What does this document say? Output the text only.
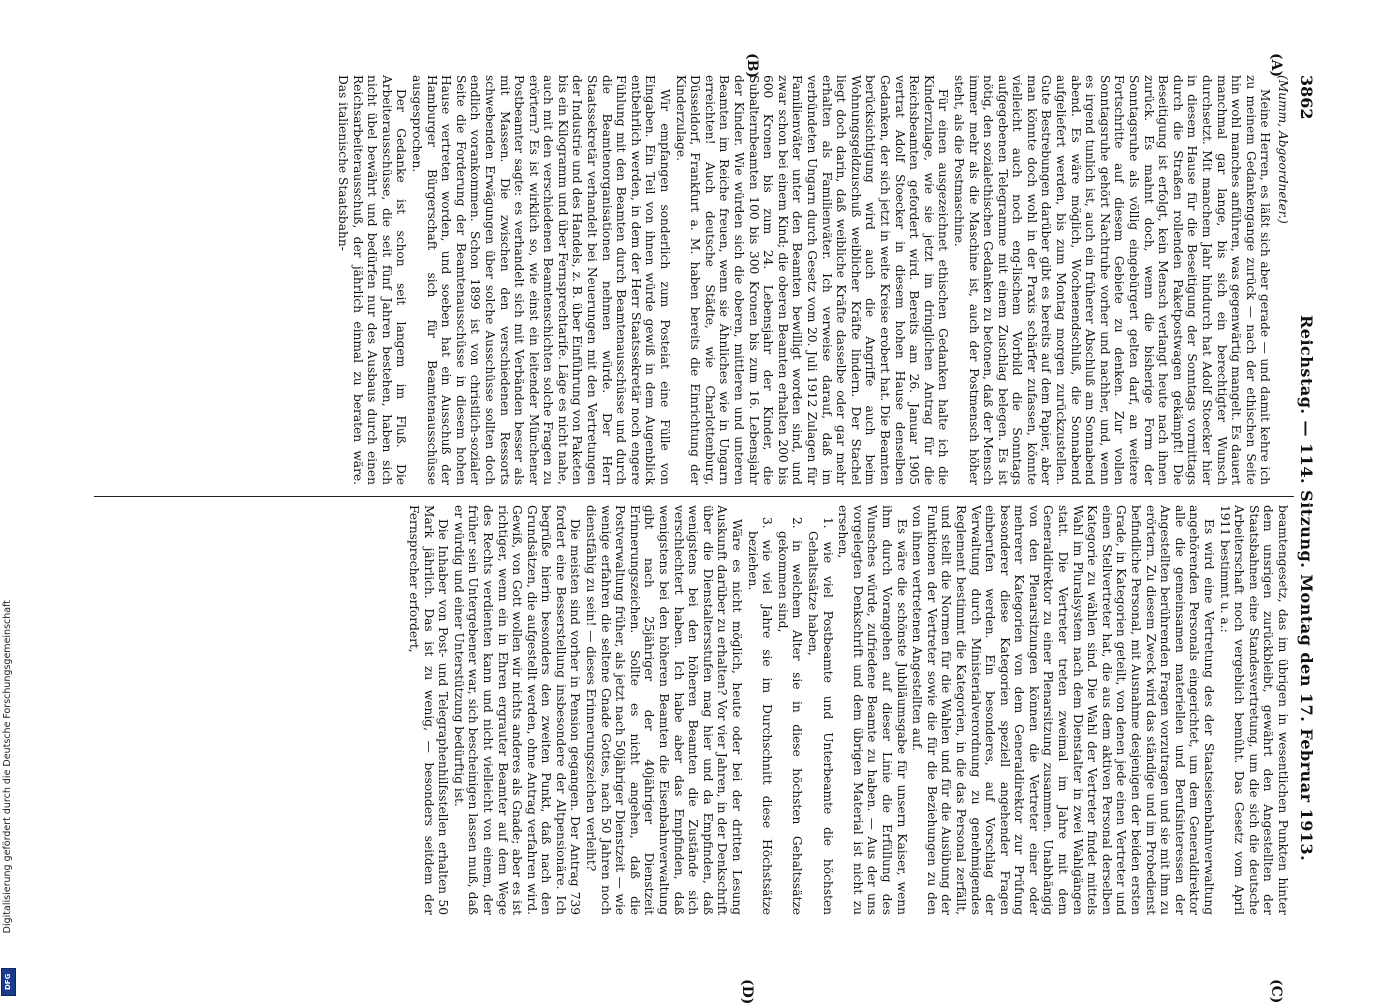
3862
Reichstag. — 114. Sitzung. Montag den 17. Februar 1913.
(A)
(B)
(C)
(D)

(Mumm, Abgeordneter.)

Meine Herren, es läßt sich aber gerade — und damit kehre ich zu meinem Gedankengange zurück — nach der ethischen Seite hin wohl manches anführen, was gegenwärtig mangelt. Es dauert manchmal gar lange, bis sich ein berechtigter Wunsch durchsetzt. Mit manchem Jahr hindurch hat Adolf Stoecker hier in diesem Hause für die Beseitigung der Sonntags vormittags durch die Straßen rollenden Paketpostwagen gekämpft! Die Beseitigung ist erfolgt, kein Mensch verlangt heute nach ihnen zurück. Es mahnt doch, wenn die bisherige Form der Sonntagsruhe als völlig eingebürgert gelten darf, an weitere Fortschritte auf diesem Gebiete zu denken. Zur vollen Sonntagsruhe gehört Nachtruhe vorher und nachher, und, wenn es irgend tunlich ist, auch ein früherer Abschluß am Sonnabend abend. Es wäre möglich, Wochenendschluß, die Sonnabend aufgeliefert werden, bis zum Montag morgen zurückzustellen. Gute Bestrebungen darüber gibt es bereits auf dem Papier, aber man könnte doch wohl in der Praxis schärfer zufassen, könnte vielleicht auch noch eng-lischem Vorbild die Sonntags aufgegebenen Telegramme mit einem Zuschlag belegen. Es ist nötig, den sozialethischen Gedanken zu betonen, daß der Mensch immer mehr als die Maschine ist, auch der Postmensch höher steht, als die Postmaschine.

Für einen ausgezeichnet ethischen Gedanken halte ich die Kinderzulage, wie sie jetzt im dringlichen Antrag für die Reichsbeamten gefordert wird. Bereits am 26. Januar 1905 vertrat Adolf Stoecker in diesem hohen Hause denselben Gedanken, der sich jetzt in weite Kreise erobert hat. Die Beamten berücksichtigung wird auch die Angriffe auch beim Wohnungsgeldzuschuß weiblicher Kräfte lindern. Der Stachel liegt doch darin, daß weibliche Kräfte dasselbe oder gar mehr erhalten als Familienväter. Ich verweise darauf, daß im verbündeten Ungarn durch Gesetz vom 20. Juli 1912 Zulagen für Familienväter unter den Beamten bewilligt worden sind, und zwar schon bei einem Kind; die oberen Beamten erhalten 200 bis 600 Kronen bis zum 24. Lebensjahr der Kinder, die Subalternbeamten 100 bis 300 Kronen bis zum 16. Lebensjahr der Kinder. Wie würden sich die oberen, mittleren und unteren Beamten im Reiche freuen, wenn sie Ähnliches wie in Ungarn erreichten! Auch deutsche Städte, wie Charlottenburg, Düsseldorf, Frankfurt a. M. haben bereits die Einrichtung der Kinderzulage.

Wir empfangen sonderlich zum Posteiat eine Fülle von Eingaben. Ein Teil von ihnen würde gewiß in dem Augenblick entbehrlich werden, in dem der Herr Staatssekretär noch engere Fühlung mit den Beamten durch Beamtenausschüsse und durch die Beamtenorganisationen nehmen würde. Der Herr Staatssekretär verhandelt bei Neuerungen mit den Vertretungen der Industrie und des Handels, z. B. über Einführung von Paketen bis ein Kilogramm und über Fernsprechtarife. Läge es nicht nahe, auch mit den verschiedenen Beamtenschichten solche Fragen zu erörtern? Es ist wirklich so, wie einst ein leitender Münchener Postbeamter sagte: es verhandelt sich mit Verbänden besser als mit Massen. Die zwischen den verschiedenen Ressorts schwebenden Erwägungen über solche Ausschüsse sollten doch endlich vorankommen. Schon 1899 ist von christlich-sozialer Seite die Forderung der Beamtenausschüsse in diesem hohen Hause vertreten worden, und soeben hat ein Ausschuß der Hamburger Bürgerschaft sich für Beamtenausschüsse ausgesprochen.

Der Gedanke ist schon seit langem im Fluß. Die Arbeiterausschüsse, die seit fünf Jahren bestehen, haben sich nicht übel bewährt und bedürfen nur des Ausbaus durch einen Reichsarbeiterausschuß, der jährlich einmal zu beraten wäre. Das italienische Staatsbahn-

beamtengesetz, das im übrigen in wesentlichen Punkten hinter dem unsrigen zurückbleibt, gewährt den Angestellten der Staatsbahnen eine Standesvertretung, um die sich die deutsche Arbeiterschaft noch vergeblich bemüht. Das Gesetz vom April 1911 bestimmt u. a.:

Es wird eine Vertretung des der Staatseisenbahnverwaltung angehörenden Personals eingerichtet, um dem Generaldirektor alle die gemeinsamen materiellen und Berufsinteressen der Angestellten berührenden Fragen vorzutragen und sie mit ihm zu erörtern. Zu diesem Zweck wird das ständige und im Probedienst befindliche Personal, mit Ausnahme desjenigen der beiden ersten Grade, in Kategorien geteilt, von denen jede einen Vertreter und einen Stellvertreter hat, die aus dem aktiven Personal derselben Kategorie zu wählen sind. Die Wahl der Vertreter findet mittels Wahl im Pluralsystem nach dem Dienstalter in zwei Wahlgängen statt. Die Vertreter treten zweimal im Jahre mit dem Generaldirektor zu einer Plenarsitzung zusammen. Unabhängig von den Plenarsitzungen können die Vertreter einer oder mehrerer Kategorien von dem Generaldirektor zur Prüfung besonderer diese Kategorien speziell angehender Fragen einberufen werden. Ein besonderes, auf Vorschlag der Verwaltung durch Ministerialverordnung zu genehmigendes Reglement bestimmt die Kategorien, in die das Personal zerfällt, und stellt die Normen für die Wahlen und für die Ausübung der Funktionen der Vertreter sowie die für die Beziehungen zu den von ihnen vertretenen Angestellten auf.

Es wäre die schönste Jubiläumsgabe für unsern Kaiser, wenn ihm durch Vorangehen auf dieser Linie die Erfüllung des Wunsches würde, zufriedene Beamte zu haben. — Aus der uns vorgelegten Denkschrift und dem übrigen Material ist nicht zu ersehen,

1. wie viel Postbeamte und Unterbeamte die höchsten Gehaltssätze haben,

2. in welchem Alter sie in diese höchsten Gehaltssätze gekommen sind,

3. wie viel Jahre sie im Durchschnitt diese Höchstsätze beziehen.

Wäre es nicht möglich, heute oder bei der dritten Lesung Auskunft darüber zu erhalten? Vor vier Jahren, in der Denkschrift über die Dienstaltersstufen mag hier und da Empfinden, daß wenigstens bei den höheren Beamten die Zustände sich verschlechtert haben. Ich habe aber das Empfinden, daß wenigstens bei den höheren Beamten die Eisenbahnverwaltung gibt nach 25jähriger der 40jähriger Dienstzeit Erinnerungszeichen. Sollte es nicht angehen, daß die Postverwaltung früher, als jetzt nach 50jähriger Dienstzeit — wie wenige erfahren die seltene Gnade Gottes, nach 50 Jahren noch dienstfähig zu sein! — dieses Erinnerungszeichen verleiht?

Die meisten sind vorher in Pension gegangen. Der Antrag 739 fordert eine Besserstellung insbesondere der Altpensionäre. Ich begrüße hierin besonders den zweiten Punkt, daß nach den Grundsätzen, die aufgestellt werden, ohne Antrag verfahren wird. Gewiß, von Gott wollen wir nichts anderes als Gnade; aber es ist richtiger, wenn ein in Ehren ergrauter Beamter auf dem Wege des Rechts verdienten kann und nicht vielleicht von einem, der früher sein Untergebener war, sich bescheinigen lassen muß, daß er würdig und einer Unterstützung bedürftig ist.

Die Inhaber von Post- und Telegraphenhilfsstellen erhalten 50 Mark jährlich. Das ist zu wenig, — besonders seitdem der Fernsprecher erfordert,

Digitalisierung gefördert durch die Deutsche Forschungsgemeinschaft
DFG
